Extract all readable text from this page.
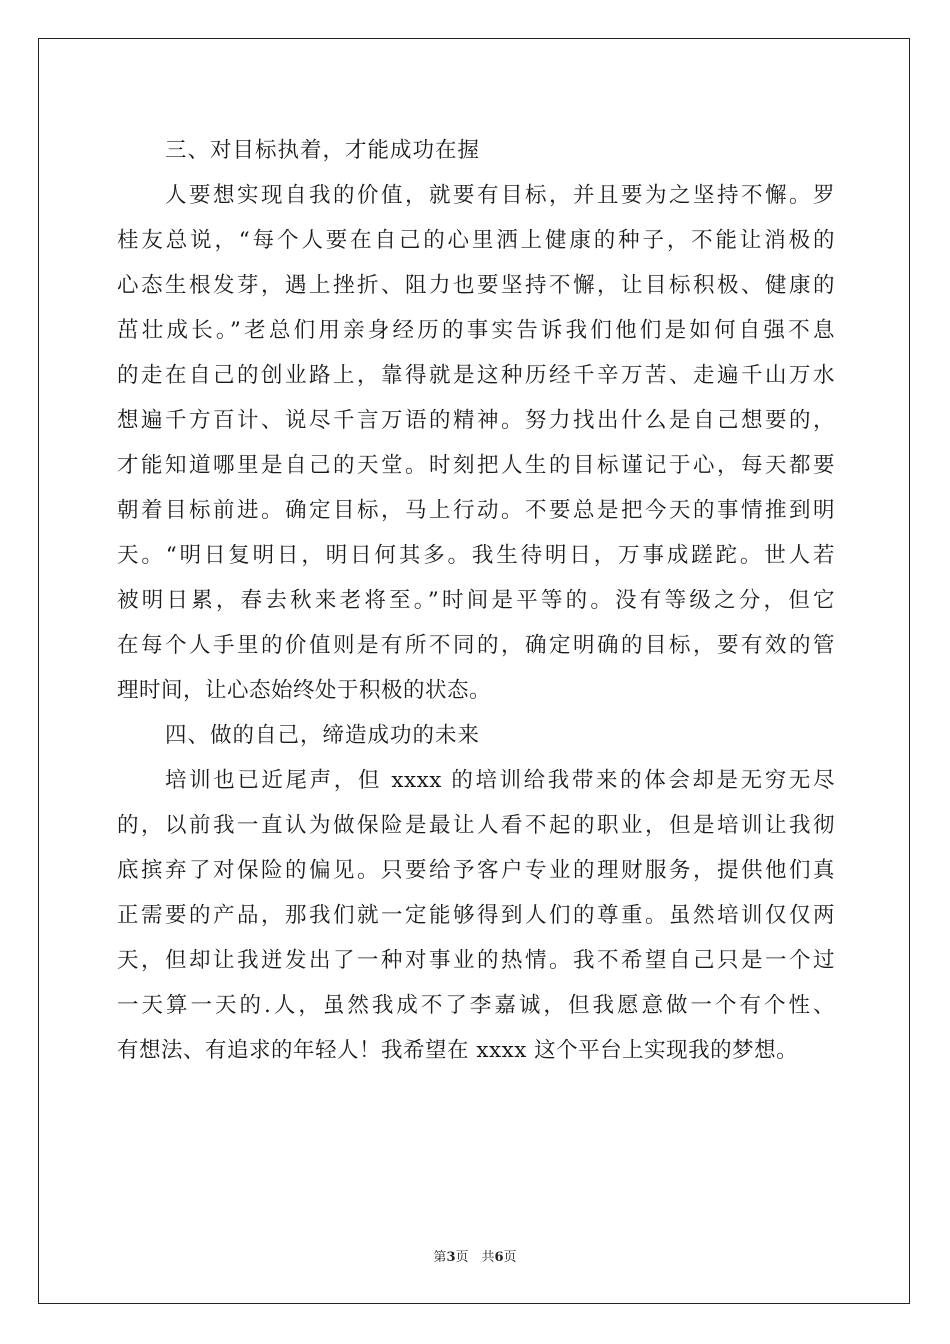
三、对目标执着，才能成功在握

人要想实现自我的价值，就要有目标，并且要为之坚持不懈。罗
桂友总说，“每个人要在自己的心里洒上健康的种子，不能让消极的
心态生根发芽，遇上挫折、阻力也要坚持不懈，让目标积极、健康的
茁壮成长。”老总们用亲身经历的事实告诉我们他们是如何自强不息
的走在自己的创业路上，靠得就是这种历经千辛万苦、走遍千山万水
想遍千方百计、说尽千言万语的精神。努力找出什么是自己想要的，
才能知道哪里是自己的天堂。时刻把人生的目标谨记于心，每天都要
朝着目标前进。确定目标，马上行动。不要总是把今天的事情推到明
天。“明日复明日，明日何其多。我生待明日，万事成蹉跎。世人若
被明日累，春去秋来老将至。”时间是平等的。没有等级之分，但它
在每个人手里的价值则是有所不同的，确定明确的目标，要有效的管
理时间，让心态始终处于积极的状态。

四、做的自己，缔造成功的未来

培训也已近尾声，但 xxxx 的培训给我带来的体会却是无穷无尽
的，以前我一直认为做保险是最让人看不起的职业，但是培训让我彻
底摈弃了对保险的偏见。只要给予客户专业的理财服务，提供他们真
正需要的产品，那我们就一定能够得到人们的尊重。虽然培训仅仅两
天，但却让我迸发出了一种对事业的热情。我不希望自己只是一个过
一天算一天的.人，虽然我成不了李嘉诚，但我愿意做一个有个性、
有想法、有追求的年轻人！我希望在 xxxx 这个平台上实现我的梦想。
第3页　共6页
